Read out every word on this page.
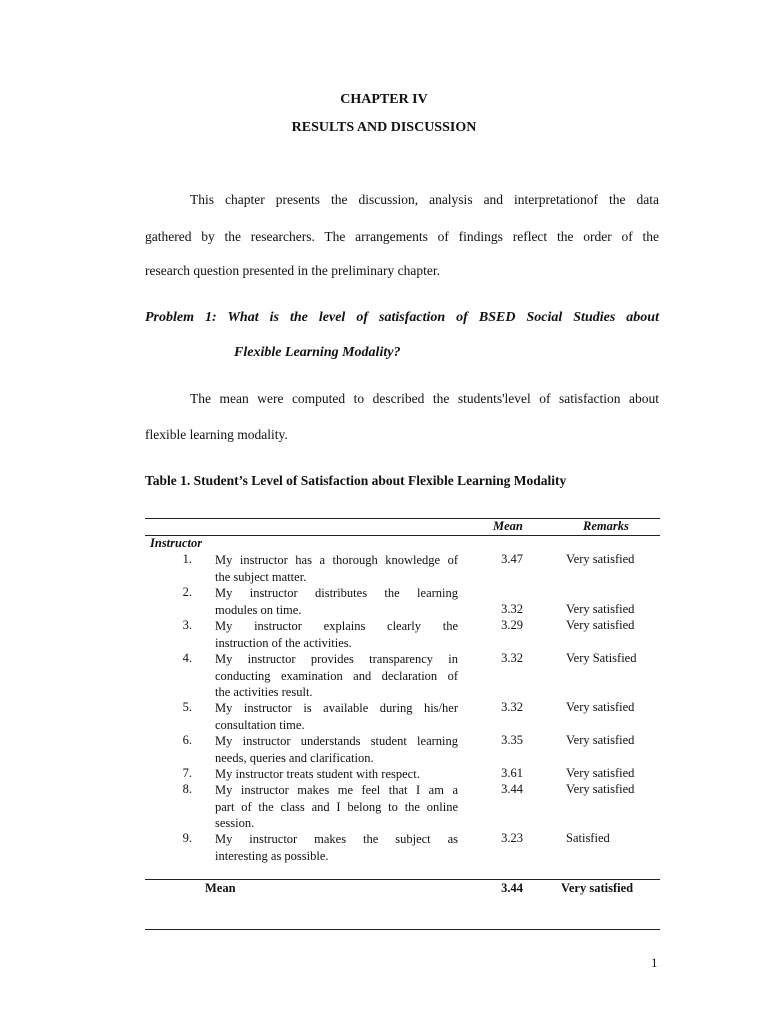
CHAPTER IV
RESULTS AND DISCUSSION
This chapter presents the discussion, analysis and interpretationof the data
gathered by the researchers. The arrangements of findings reflect the order of the
research question presented in the preliminary chapter.
Problem 1: What is the level of satisfaction of BSED Social Studies about
Flexible Learning Modality?
The mean were computed to described the students'level of satisfaction about
flexible learning modality.
Table 1. Student’s Level of Satisfaction about Flexible Learning Modality
Mean	Remarks
Instructor
1. My instructor has a thorough knowledge of
the subject matter.
3.47	Very satisfied
2. My instructor distributes the learning
modules on time.	3.32	Very satisfied
3. My instructor explains clearly the
instruction of the activities.
3.29	Very satisfied
4. My instructor provides transparency in
conducting examination and declaration of
the activities result.
3.32	Very Satisfied
5. My instructor is available during his/her
consultation time.
3.32	Very satisfied
6. My instructor understands student learning
needs, queries and clarification.
3.35	Very satisfied
7. My instructor treats student with respect.	3.61	Very satisfied
8. My instructor makes me feel that I am a
part of the class and I belong to the online
session.
3.44	Very satisfied
9. My instructor makes the subject as
interesting as possible.
3.23	Satisfied
Mean	3.44	Very satisfied
1
